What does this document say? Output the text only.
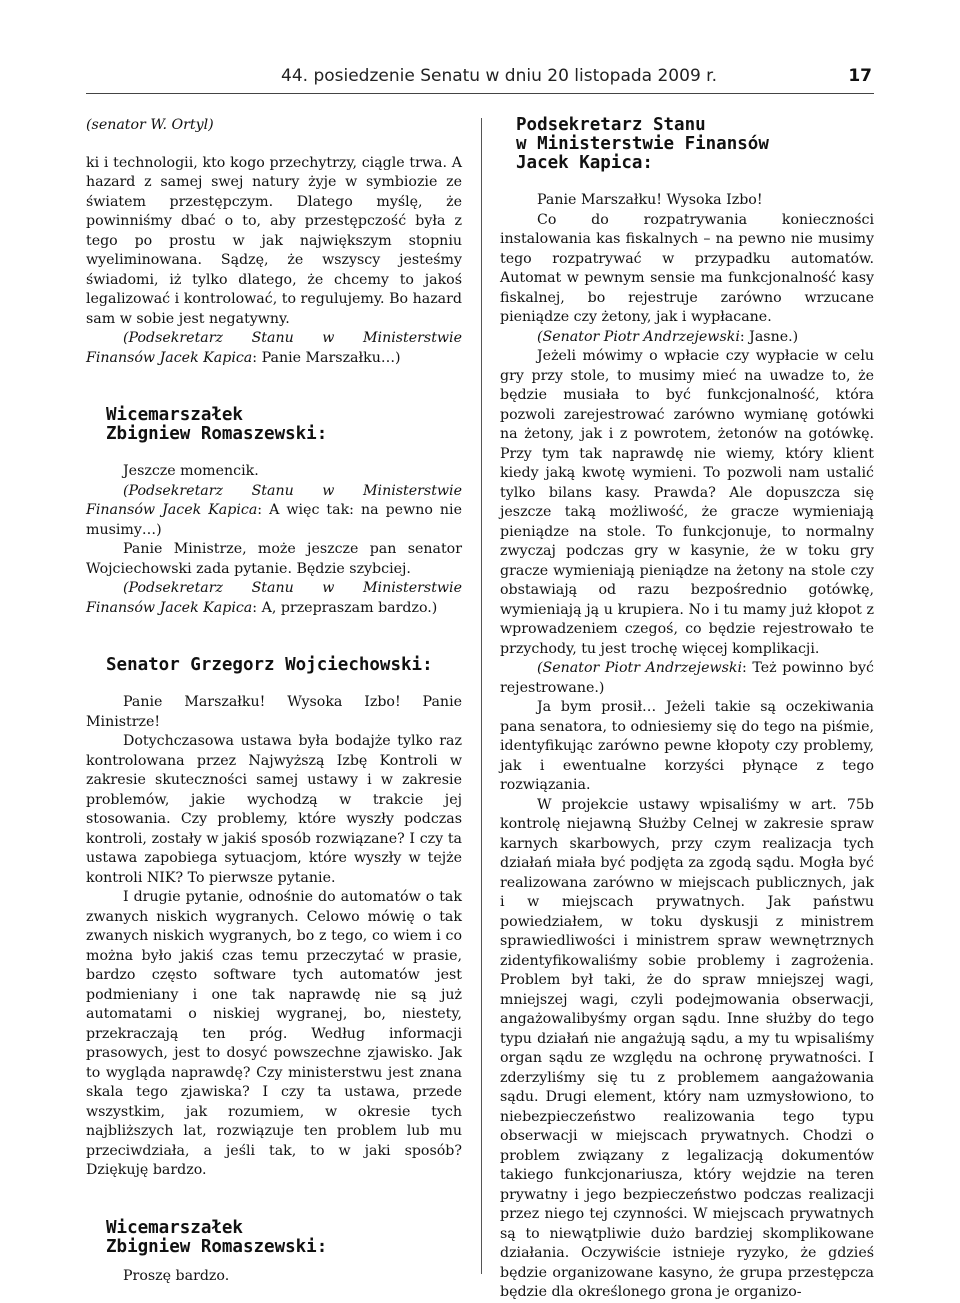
44. posiedzenie Senatu w dniu 20 listopada 2009 r.	17

(senator W. Ortyl)

ki i technologii, kto kogo przechytrzy, ciągle trwa. A hazard z samej swej natury żyje w symbiozie ze światem przestępczym. Dlatego myślę, że powinniśmy dbać o to, aby przestępczość była z tego po prostu w jak największym stopniu wyeliminowana. Sądzę, że wszyscy jesteśmy świadomi, iż tylko dlatego, że chcemy to jakoś legalizować i kontrolować, to regulujemy. Bo hazard sam w sobie jest negatywny.

(Podsekretarz Stanu w Ministerstwie Finansów Jacek Kapica: Panie Marszałku…)

Wicemarszałek
Zbigniew Romaszewski:

Jeszcze momencik.

(Podsekretarz Stanu w Ministerstwie Finansów Jacek Kapica: A więc tak: na pewno nie musimy…)

Panie Ministrze, może jeszcze pan senator Wojciechowski zada pytanie. Będzie szybciej.

(Podsekretarz Stanu w Ministerstwie Finansów Jacek Kapica: A, przepraszam bardzo.)

Senator Grzegorz Wojciechowski:

Panie Marszałku! Wysoka Izbo! Panie Ministrze!

Dotychczasowa ustawa była bodajże tylko raz kontrolowana przez Najwyższą Izbę Kontroli w zakresie skuteczności samej ustawy i w zakresie problemów, jakie wychodzą w trakcie jej stosowania. Czy problemy, które wyszły podczas kontroli, zostały w jakiś sposób rozwiązane? I czy ta ustawa zapobiega sytuacjom, które wyszły w tejże kontroli NIK? To pierwsze pytanie.

I drugie pytanie, odnośnie do automatów o tak zwanych niskich wygranych. Celowo mówię o tak zwanych niskich wygranych, bo z tego, co wiem i co można było jakiś czas temu przeczytać w prasie, bardzo często software tych automatów jest podmieniany i one tak naprawdę nie są już automatami o niskiej wygranej, bo, niestety, przekraczają ten próg. Według informacji prasowych, jest to dosyć powszechne zjawisko. Jak to wygląda naprawdę? Czy ministerstwu jest znana skala tego zjawiska? I czy ta ustawa, przede wszystkim, jak rozumiem, w okresie tych najbliższych lat, rozwiązuje ten problem lub mu przeciwdziała, a jeśli tak, to w jaki sposób? Dziękuję bardzo.

Wicemarszałek
Zbigniew Romaszewski:

Proszę bardzo.

Podsekretarz Stanu
w Ministerstwie Finansów
Jacek Kapica:

Panie Marszałku! Wysoka Izbo!

Co do rozpatrywania konieczności instalowania kas fiskalnych – na pewno nie musimy tego rozpatrywać w przypadku automatów. Automat w pewnym sensie ma funkcjonalność kasy fiskalnej, bo rejestruje zarówno wrzucane pieniądze czy żetony, jak i wypłacane.

(Senator Piotr Andrzejewski: Jasne.)

Jeżeli mówimy o wpłacie czy wypłacie w celu gry przy stole, to musimy mieć na uwadze to, że będzie musiała to być funkcjonalność, która pozwoli zarejestrować zarówno wymianę gotówki na żetony, jak i z powrotem, żetonów na gotówkę. Przy tym tak naprawdę nie wiemy, który klient kiedy jaką kwotę wymieni. To pozwoli nam ustalić tylko bilans kasy. Prawda? Ale dopuszcza się jeszcze taką możliwość, że gracze wymieniają pieniądze na stole. To funkcjonuje, to normalny zwyczaj podczas gry w kasynie, że w toku gry gracze wymieniają pieniądze na żetony na stole czy obstawiają od razu bezpośrednio gotówkę, wymieniają ją u krupiera. No i tu mamy już kłopot z wprowadzeniem czegoś, co będzie rejestrowało te przychody, tu jest trochę więcej komplikacji.

(Senator Piotr Andrzejewski: Też powinno być rejestrowane.)

Ja bym prosił… Jeżeli takie są oczekiwania pana senatora, to odniesiemy się do tego na piśmie, identyfikując zarówno pewne kłopoty czy problemy, jak i ewentualne korzyści płynące z tego rozwiązania.

W projekcie ustawy wpisaliśmy w art. 75b kontrolę niejawną Służby Celnej w zakresie spraw karnych skarbowych, przy czym realizacja tych działań miała być podjęta za zgodą sądu. Mogła być realizowana zarówno w miejscach publicznych, jak i w miejscach prywatnych. Jak państwu powiedziałem, w toku dyskusji z ministrem sprawiedliwości i ministrem spraw wewnętrznych zidentyfikowaliśmy sobie problemy i zagrożenia. Problem był taki, że do spraw mniejszej wagi, mniejszej wagi, czyli podejmowania obserwacji, angażowalibyśmy organ sądu. Inne służby do tego typu działań nie angażują sądu, a my tu wpisaliśmy organ sądu ze względu na ochronę prywatności. I zderzyliśmy się tu z problemem aangażowania sądu. Drugi element, który nam uzmysłowiono, to niebezpieczeństwo realizowania tego typu obserwacji w miejscach prywatnych. Chodzi o problem związany z legalizacją dokumentów takiego funkcjonariusza, który wejdzie na teren prywatny i jego bezpieczeństwo podczas realizacji przez niego tej czynności. W miejscach prywatnych są to niewątpliwie dużo bardziej skomplikowane działania. Oczywiście istnieje ryzyko, że gdzieś będzie organizowane kasyno, że grupa przestępcza będzie dla określonego grona je organizo-
